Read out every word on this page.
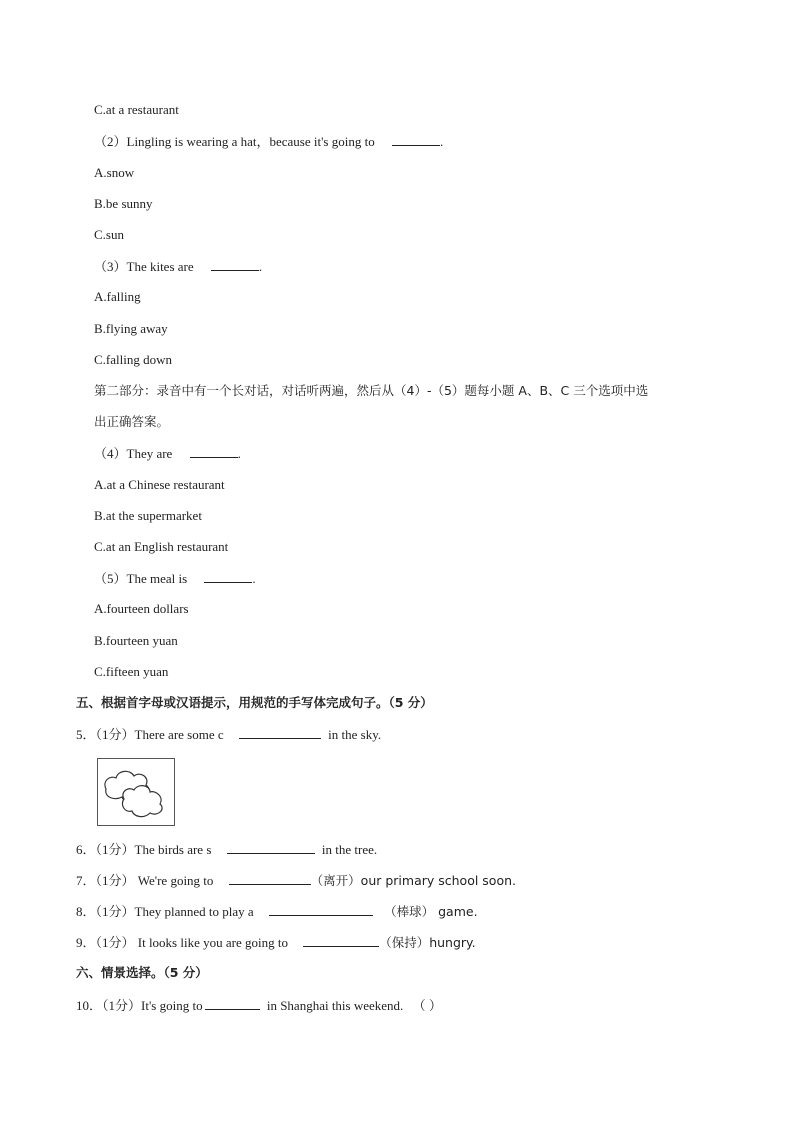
C.at a restaurant
（2）Lingling is wearing a hat，because it's going to	.
A.snow
B.be sunny
C.sun
（3）The kites are	.
A.falling
B.flying away
C.falling down
第二部分：录音中有一个长对话，对话听两遍，然后从（4）-（5）题每小题 A、B、C 三个选项中选
出正确答案。
（4）They are	.
A.at a Chinese restaurant
B.at the supermarket
C.at an English restaurant
（5）The meal is	.
A.fourteen dollars
B.fourteen yuan
C.fifteen yuan
五、根据首字母或汉语提示，用规范的手写体完成句子。（5 分）
5．（1分）There are some c	in the sky.
6．（1分）The birds are s	in the tree.
7．（1分） We're going to	（离开）our primary school soon.
8．（1分）They planned to play a	（棒球） game.
9．（1分） It looks like you are going to	（保持）hungry.
六、情景选择。（5 分）
10．（1分）It's going to	in Shanghai this weekend. （ ）
